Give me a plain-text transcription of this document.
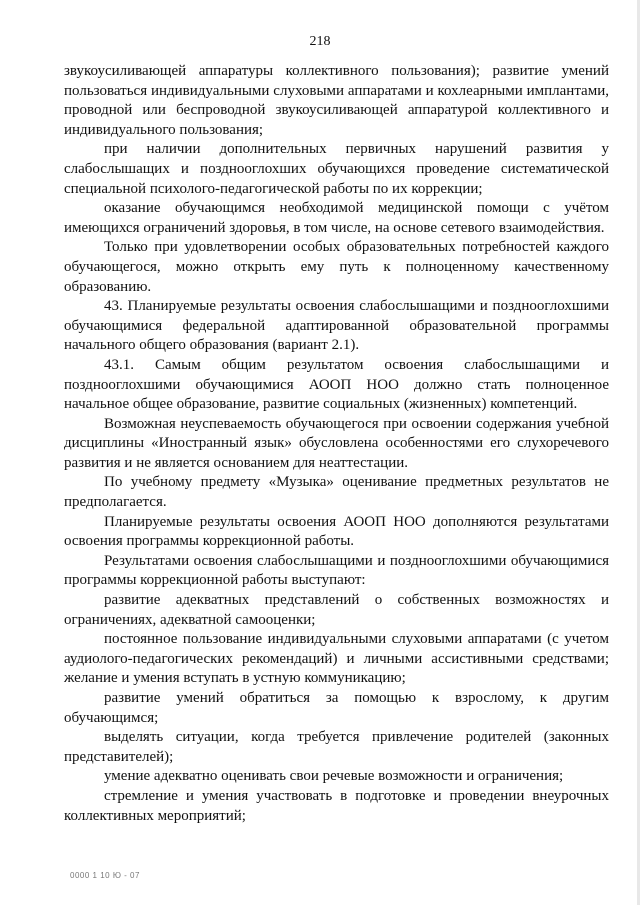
218

звукоусиливающей аппаратуры коллективного пользования); развитие умений пользоваться индивидуальными слуховыми аппаратами и кохлеарными имплантами, проводной или беспроводной звукоусиливающей аппаратурой коллективного и индивидуального пользования;

при наличии дополнительных первичных нарушений развития у слабослышащих и позднооглохших обучающихся проведение систематической специальной психолого-педагогической работы по их коррекции;

оказание обучающимся необходимой медицинской помощи с учётом имеющихся ограничений здоровья, в том числе, на основе сетевого взаимодействия.

Только при удовлетворении особых образовательных потребностей каждого обучающегося, можно открыть ему путь к полноценному качественному образованию.

43. Планируемые результаты освоения слабослышащими и позднооглохшими обучающимися федеральной адаптированной образовательной программы начального общего образования (вариант 2.1).

43.1. Самым общим результатом освоения слабослышащими и позднооглохшими обучающимися АООП НОО должно стать полноценное начальное общее образование, развитие социальных (жизненных) компетенций.

Возможная неуспеваемость обучающегося при освоении содержания учебной дисциплины «Иностранный язык» обусловлена особенностями его слухоречевого развития и не является основанием для неаттестации.

По учебному предмету «Музыка» оценивание предметных результатов не предполагается.

Планируемые результаты освоения АООП НОО дополняются результатами освоения программы коррекционной работы.

Результатами освоения слабослышащими и позднооглохшими обучающимися программы коррекционной работы выступают:

развитие адекватных представлений о собственных возможностях и ограничениях, адекватной самооценки;

постоянное пользование индивидуальными слуховыми аппаратами (с учетом аудиолого-педагогических рекомендаций) и личными ассистивными средствами; желание и умения вступать в устную коммуникацию;

развитие умений обратиться за помощью к взрослому, к другим обучающимся;

выделять ситуации, когда требуется привлечение родителей (законных представителей);

умение адекватно оценивать свои речевые возможности и ограничения;

стремление и умения участвовать в подготовке и проведении внеурочных коллективных мероприятий;

0000 1 10 Ю - 07
